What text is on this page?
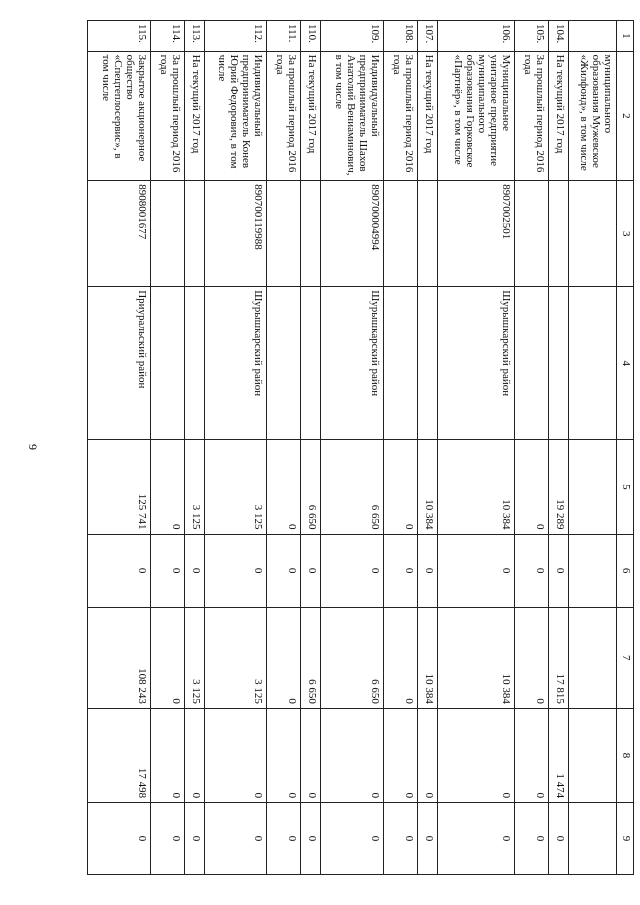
9
1	2	3	4	5	6	7	8	9
	муниципального образования Мужевское «Жилфонд», в том числе							
104.	На текущий 2017 год			19 289	0	17 815	1 474	0
105.	За прошлый период 2016 года			0	0	0	0	0
106.	Муниципальное унитарное предприятие муниципального образования Горковское «Партнёр», в том числе	8907002501	Шурышкарский район	10 384	0	10 384	0	0
107.	На текущий 2017 год			10 384	0	10 384	0	0
108.	За прошлый период 2016 года			0	0	0	0	0
109.	Индивидуальный предприниматель Шахов Анатолий Вениаминович, в том числе	890700004994	Шурышкарский район	6 650	0	6 650	0	0
110.	На текущий 2017 год			6 650	0	6 650	0	0
111.	За прошлый период 2016 года			0	0	0	0	0
112.	Индивидуальный предприниматель Конев Юрий Федорович, в том числе	890700119988	Шурышкарский район	3 125	0	3 125	0	0
113.	На текущий 2017 год			3 125	0	3 125	0	0
114.	За прошлый период 2016 года			0	0	0	0	0
115.	Закрытое акционерное общество «Спецтеплосервис», в том числе	8908001677	Приуральский район	125 741	0	108 243	17 498	0
